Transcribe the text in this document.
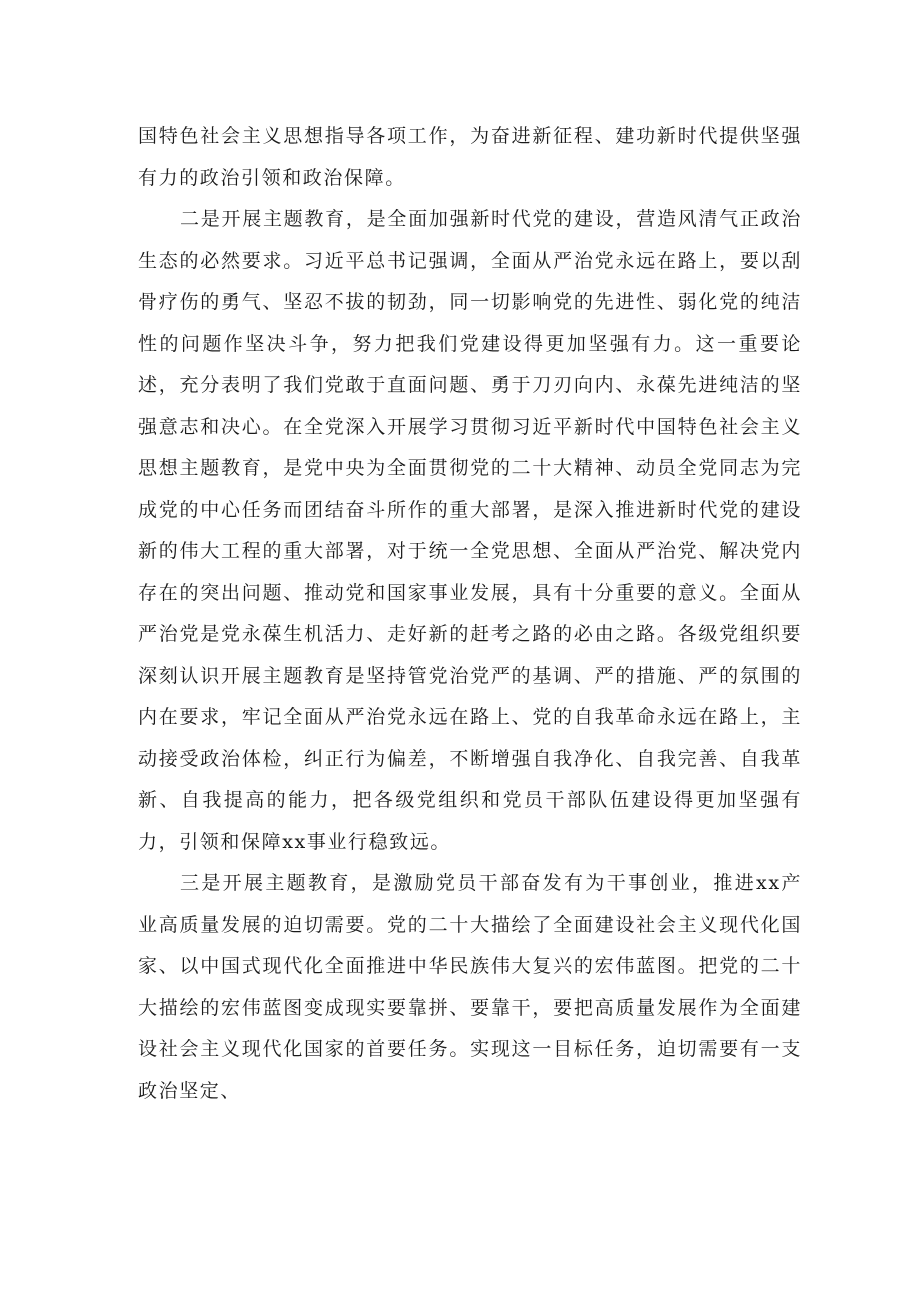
国特色社会主义思想指导各项工作，为奋进新征程、建功新时代提供坚强有力的政治引领和政治保障。

二是开展主题教育，是全面加强新时代党的建设，营造风清气正政治生态的必然要求。习近平总书记强调，全面从严治党永远在路上，要以刮骨疗伤的勇气、坚忍不拔的韧劲，同一切影响党的先进性、弱化党的纯洁性的问题作坚决斗争，努力把我们党建设得更加坚强有力。这一重要论述，充分表明了我们党敢于直面问题、勇于刀刃向内、永葆先进纯洁的坚强意志和决心。在全党深入开展学习贯彻习近平新时代中国特色社会主义思想主题教育，是党中央为全面贯彻党的二十大精神、动员全党同志为完成党的中心任务而团结奋斗所作的重大部署，是深入推进新时代党的建设新的伟大工程的重大部署，对于统一全党思想、全面从严治党、解决党内存在的突出问题、推动党和国家事业发展，具有十分重要的意义。全面从严治党是党永葆生机活力、走好新的赶考之路的必由之路。各级党组织要深刻认识开展主题教育是坚持管党治党严的基调、严的措施、严的氛围的内在要求，牢记全面从严治党永远在路上、党的自我革命永远在路上，主动接受政治体检，纠正行为偏差，不断增强自我净化、自我完善、自我革新、自我提高的能力，把各级党组织和党员干部队伍建设得更加坚强有力，引领和保障xx事业行稳致远。

三是开展主题教育，是激励党员干部奋发有为干事创业，推进xx产业高质量发展的迫切需要。党的二十大描绘了全面建设社会主义现代化国家、以中国式现代化全面推进中华民族伟大复兴的宏伟蓝图。把党的二十大描绘的宏伟蓝图变成现实要靠拼、要靠干，要把高质量发展作为全面建设社会主义现代化国家的首要任务。实现这一目标任务，迫切需要有一支政治坚定、
